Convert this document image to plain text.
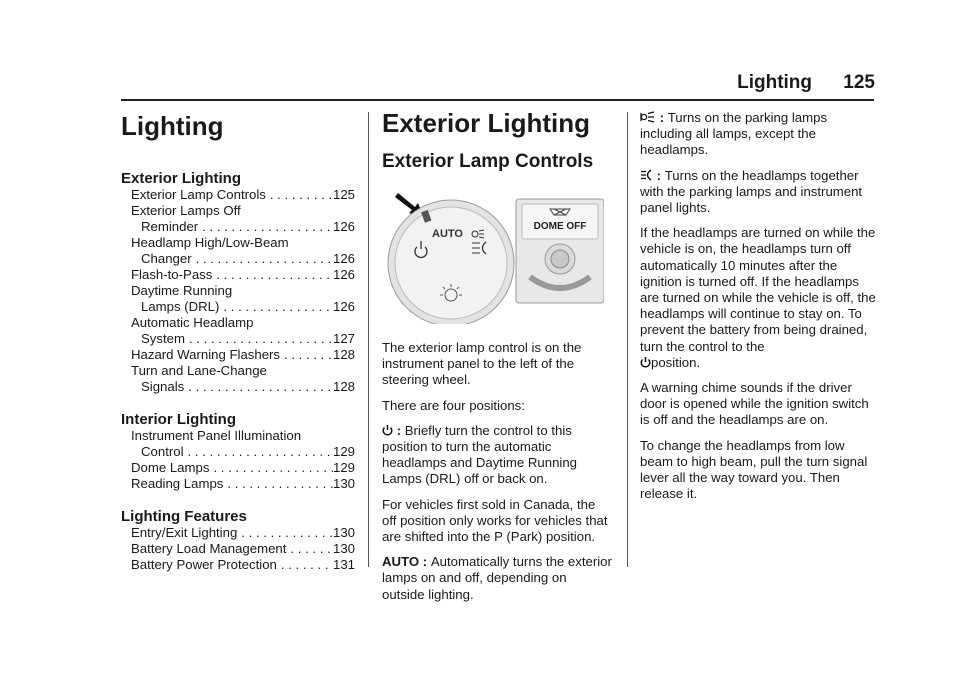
Lighting 125
Lighting
Exterior Lighting
Exterior Lamp Controls . . .	125
Exterior Lamps Off
Reminder . . .	126
Headlamp High/Low-Beam
Changer . . .	126
Flash-to-Pass . . .	126
Daytime Running
Lamps (DRL) . . .	126
Automatic Headlamp
System . . .	127
Hazard Warning Flashers . . .	128
Turn and Lane-Change
Signals . . .	128
Interior Lighting
Instrument Panel Illumination
Control . . .	129
Dome Lamps . . .	129
Reading Lamps . . .	130
Lighting Features
Entry/Exit Lighting . . .	130
Battery Load Management . . .	130
Battery Power Protection . . .	131
Exterior Lighting
Exterior Lamp Controls
AUTO
DOME OFF

The exterior lamp control is on the instrument panel to the left of the steering wheel.

There are four positions:

: Briefly turn the control to this position to turn the automatic headlamps and Daytime Running Lamps (DRL) off or back on.

For vehicles first sold in Canada, the off position only works for vehicles that are shifted into the P (Park) position.

AUTO : Automatically turns the exterior lamps on and off, depending on outside lighting.

: Turns on the parking lamps including all lamps, except the headlamps.

: Turns on the headlamps together with the parking lamps and instrument panel lights.

If the headlamps are turned on while the vehicle is on, the headlamps turn off automatically 10 minutes after the ignition is turned off. If the headlamps are turned on while the vehicle is off, the headlamps will continue to stay on. To prevent the battery from being drained, turn the control to the
position.

A warning chime sounds if the driver door is opened while the ignition switch is off and the headlamps are on.

To change the headlamps from low beam to high beam, pull the turn signal lever all the way toward you. Then release it.
